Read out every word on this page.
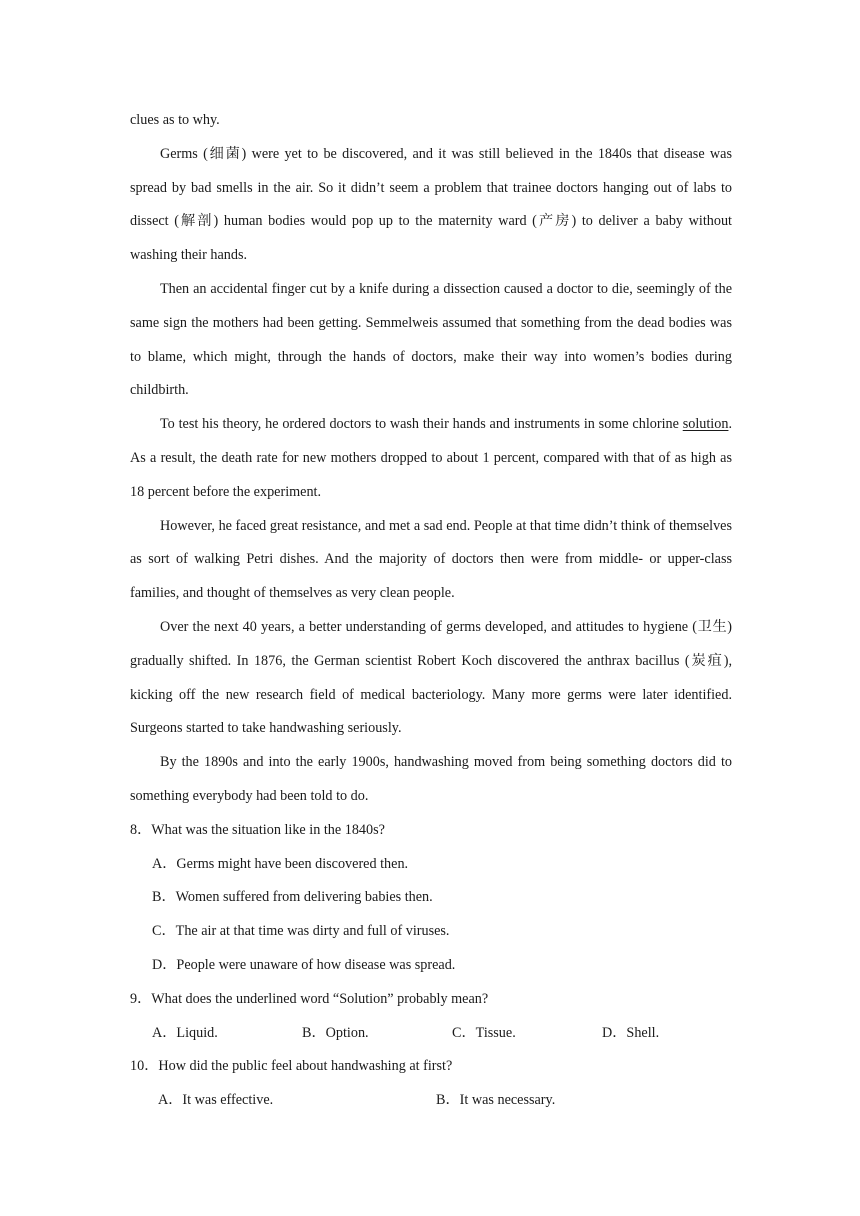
clues as to why.

Germs (细菌) were yet to be discovered, and it was still believed in the 1840s that disease was spread by bad smells in the air. So it didn’t seem a problem that trainee doctors hanging out of labs to dissect (解剖) human bodies would pop up to the maternity ward (产房) to deliver a baby without washing their hands.

Then an accidental finger cut by a knife during a dissection caused a doctor to die, seemingly of the same sign the mothers had been getting. Semmelweis assumed that something from the dead bodies was to blame, which might, through the hands of doctors, make their way into women’s bodies during childbirth.

To test his theory, he ordered doctors to wash their hands and instruments in some chlorine solution. As a result, the death rate for new mothers dropped to about 1 percent, compared with that of as high as 18 percent before the experiment.

However, he faced great resistance, and met a sad end. People at that time didn’t think of themselves as sort of walking Petri dishes. And the majority of doctors then were from middle- or upper-class families, and thought of themselves as very clean people.

Over the next 40 years, a better understanding of germs developed, and attitudes to hygiene (卫生) gradually shifted. In 1876, the German scientist Robert Koch discovered the anthrax bacillus (炭疽), kicking off the new research field of medical bacteriology. Many more germs were later identified. Surgeons started to take handwashing seriously.

By the 1890s and into the early 1900s, handwashing moved from being something doctors did to something everybody had been told to do.

8．What was the situation like in the 1840s?
A．Germs might have been discovered then.
B．Women suffered from delivering babies then.
C．The air at that time was dirty and full of viruses.
D．People were unaware of how disease was spread.
9．What does the underlined word “Solution” probably mean?
A．Liquid.	B．Option.	C．Tissue.	D．Shell.
10．How did the public feel about handwashing at first?
A．It was effective.	B．It was necessary.
